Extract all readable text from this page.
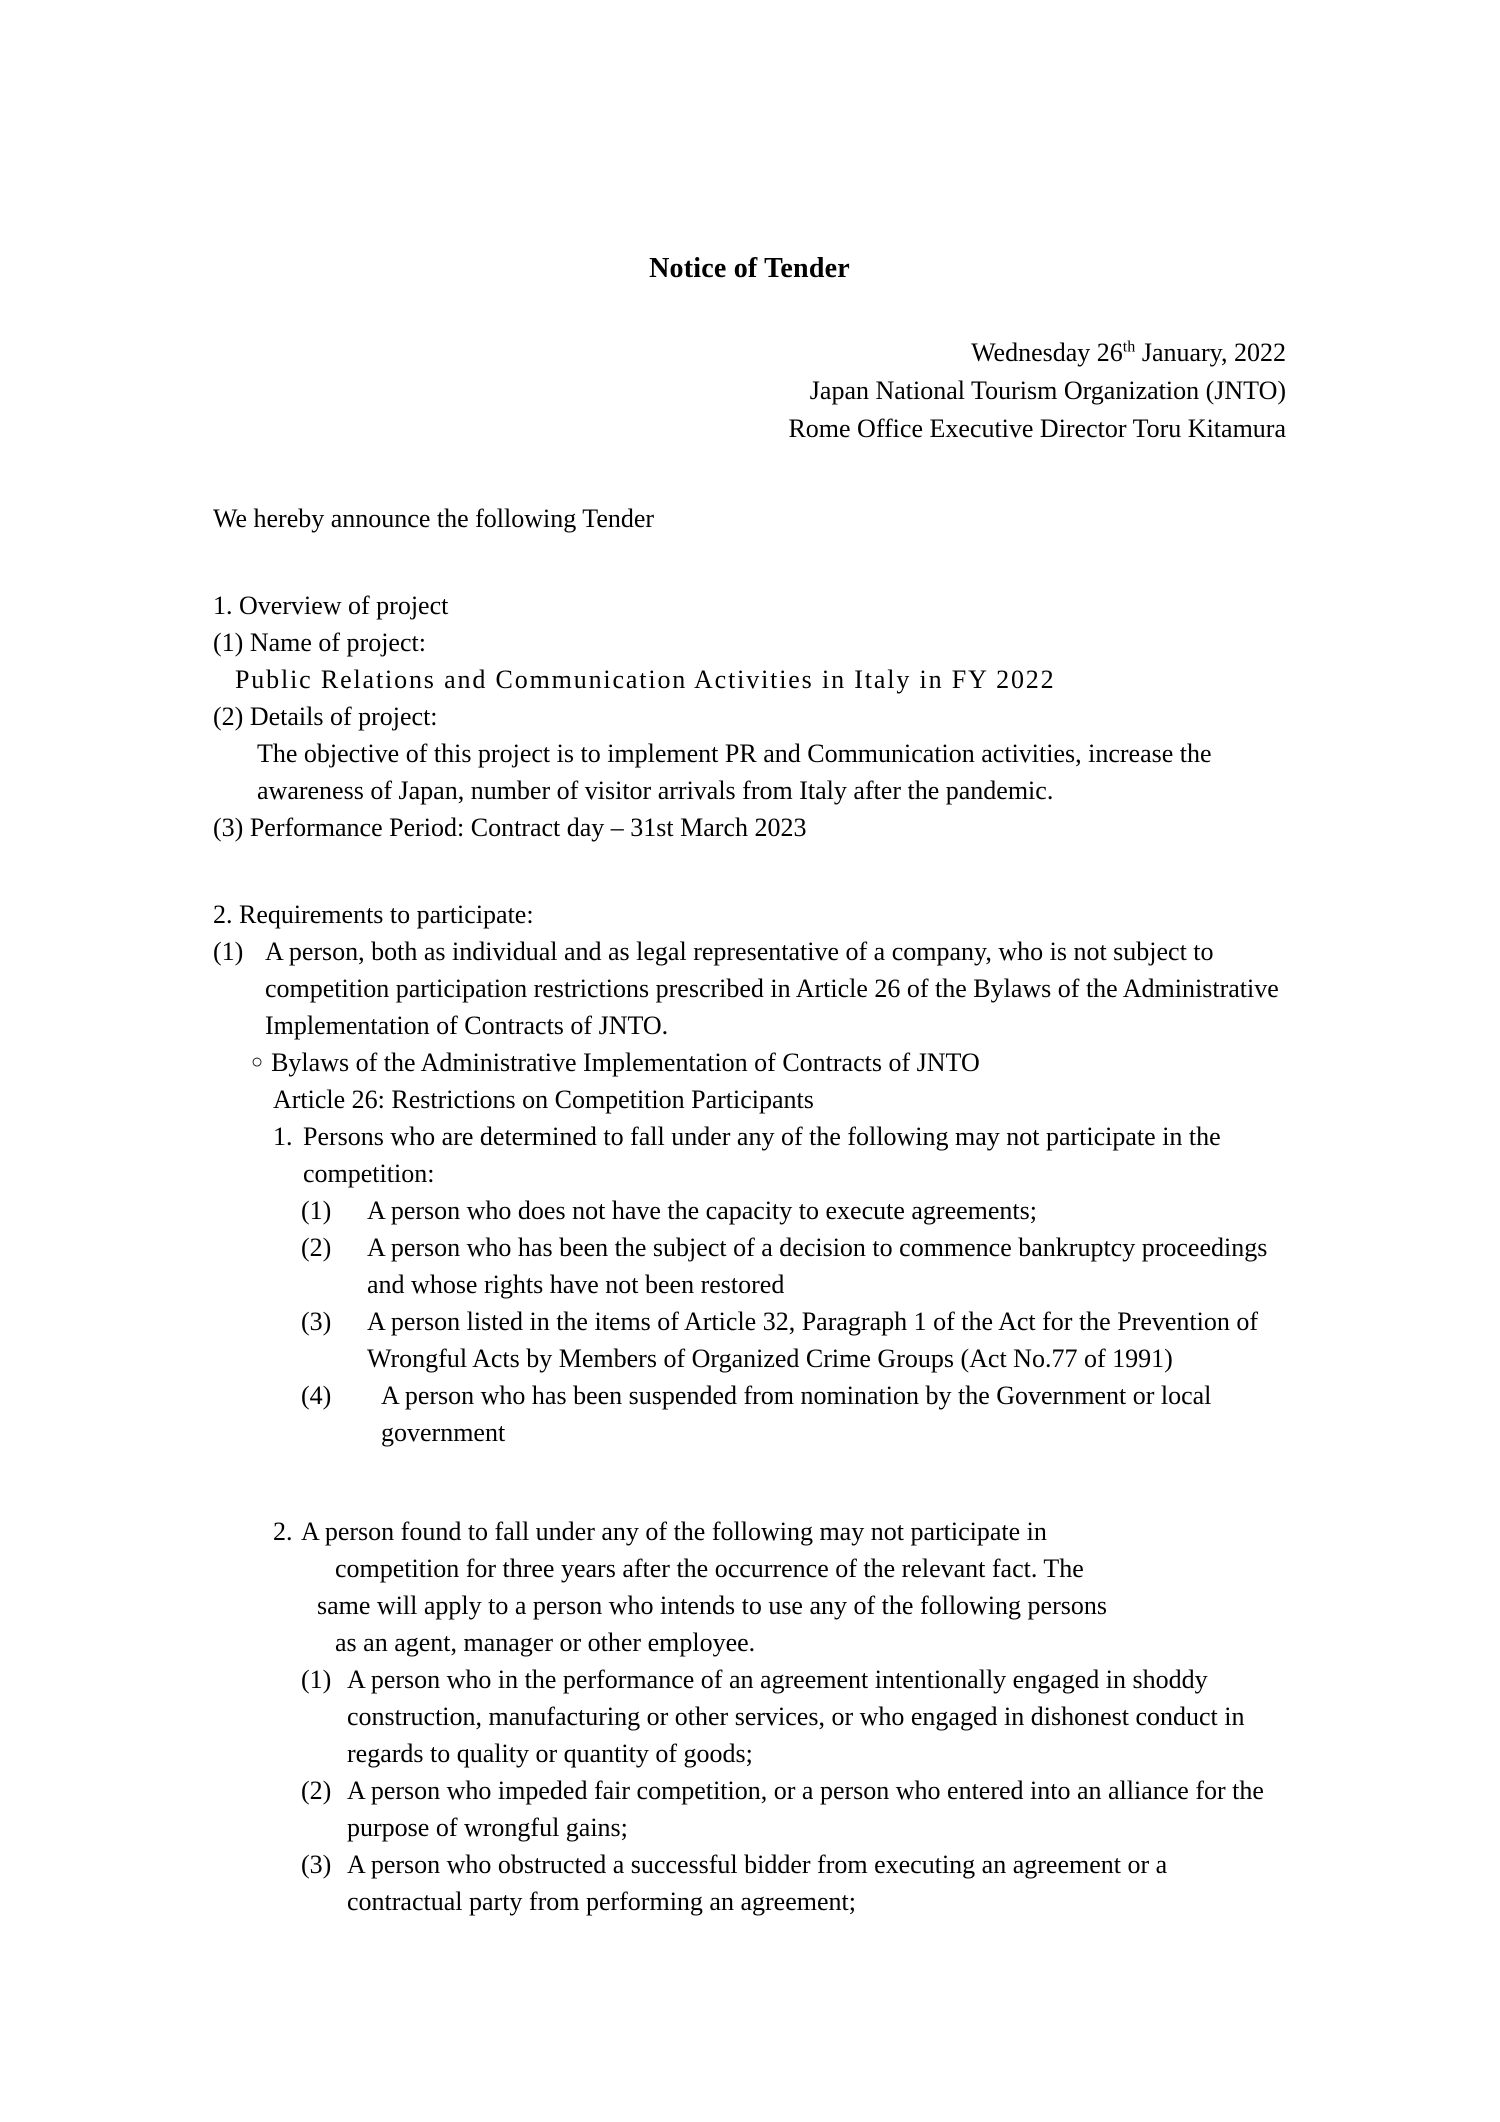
Notice of Tender
Wednesday 26th January, 2022
Japan National Tourism Organization (JNTO)
Rome Office Executive Director Toru Kitamura

We hereby announce the following Tender

1. Overview of project

(1) Name of project:

Public Relations and Communication Activities in Italy in FY 2022

(2) Details of project:

The objective of this project is to implement PR and Communication activities, increase the awareness of Japan, number of visitor arrivals from Italy after the pandemic.

(3) Performance Period: Contract day – 31st March 2023

2. Requirements to participate:

(1) A person, both as individual and as legal representative of a company, who is not subject to competition participation restrictions prescribed in Article 26 of the Bylaws of the Administrative Implementation of Contracts of JNTO.
○ Bylaws of the Administrative Implementation of Contracts of JNTO

Article 26: Restrictions on Competition Participants

1. Persons who are determined to fall under any of the following may not participate in the competition:
(1)	A person who does not have the capacity to execute agreements;
(2)	A person who has been the subject of a decision to commence bankruptcy proceedings and whose rights have not been restored
(3)	A person listed in the items of Article 32, Paragraph 1 of the Act for the Prevention of Wrongful Acts by Members of Organized Crime Groups (Act No.77 of 1991)
(4)	A person who has been suspended from nomination by the Government or local government
2. A person found to fall under any of the following may not participate in

competition for three years after the occurrence of the relevant fact. The

same will apply to a person who intends to use any of the following persons

as an agent, manager or other employee.

(1) A person who in the performance of an agreement intentionally engaged in shoddy construction, manufacturing or other services, or who engaged in dishonest conduct in regards to quality or quantity of goods;
(2) A person who impeded fair competition, or a person who entered into an alliance for the purpose of wrongful gains;
(3) A person who obstructed a successful bidder from executing an agreement or a contractual party from performing an agreement;
